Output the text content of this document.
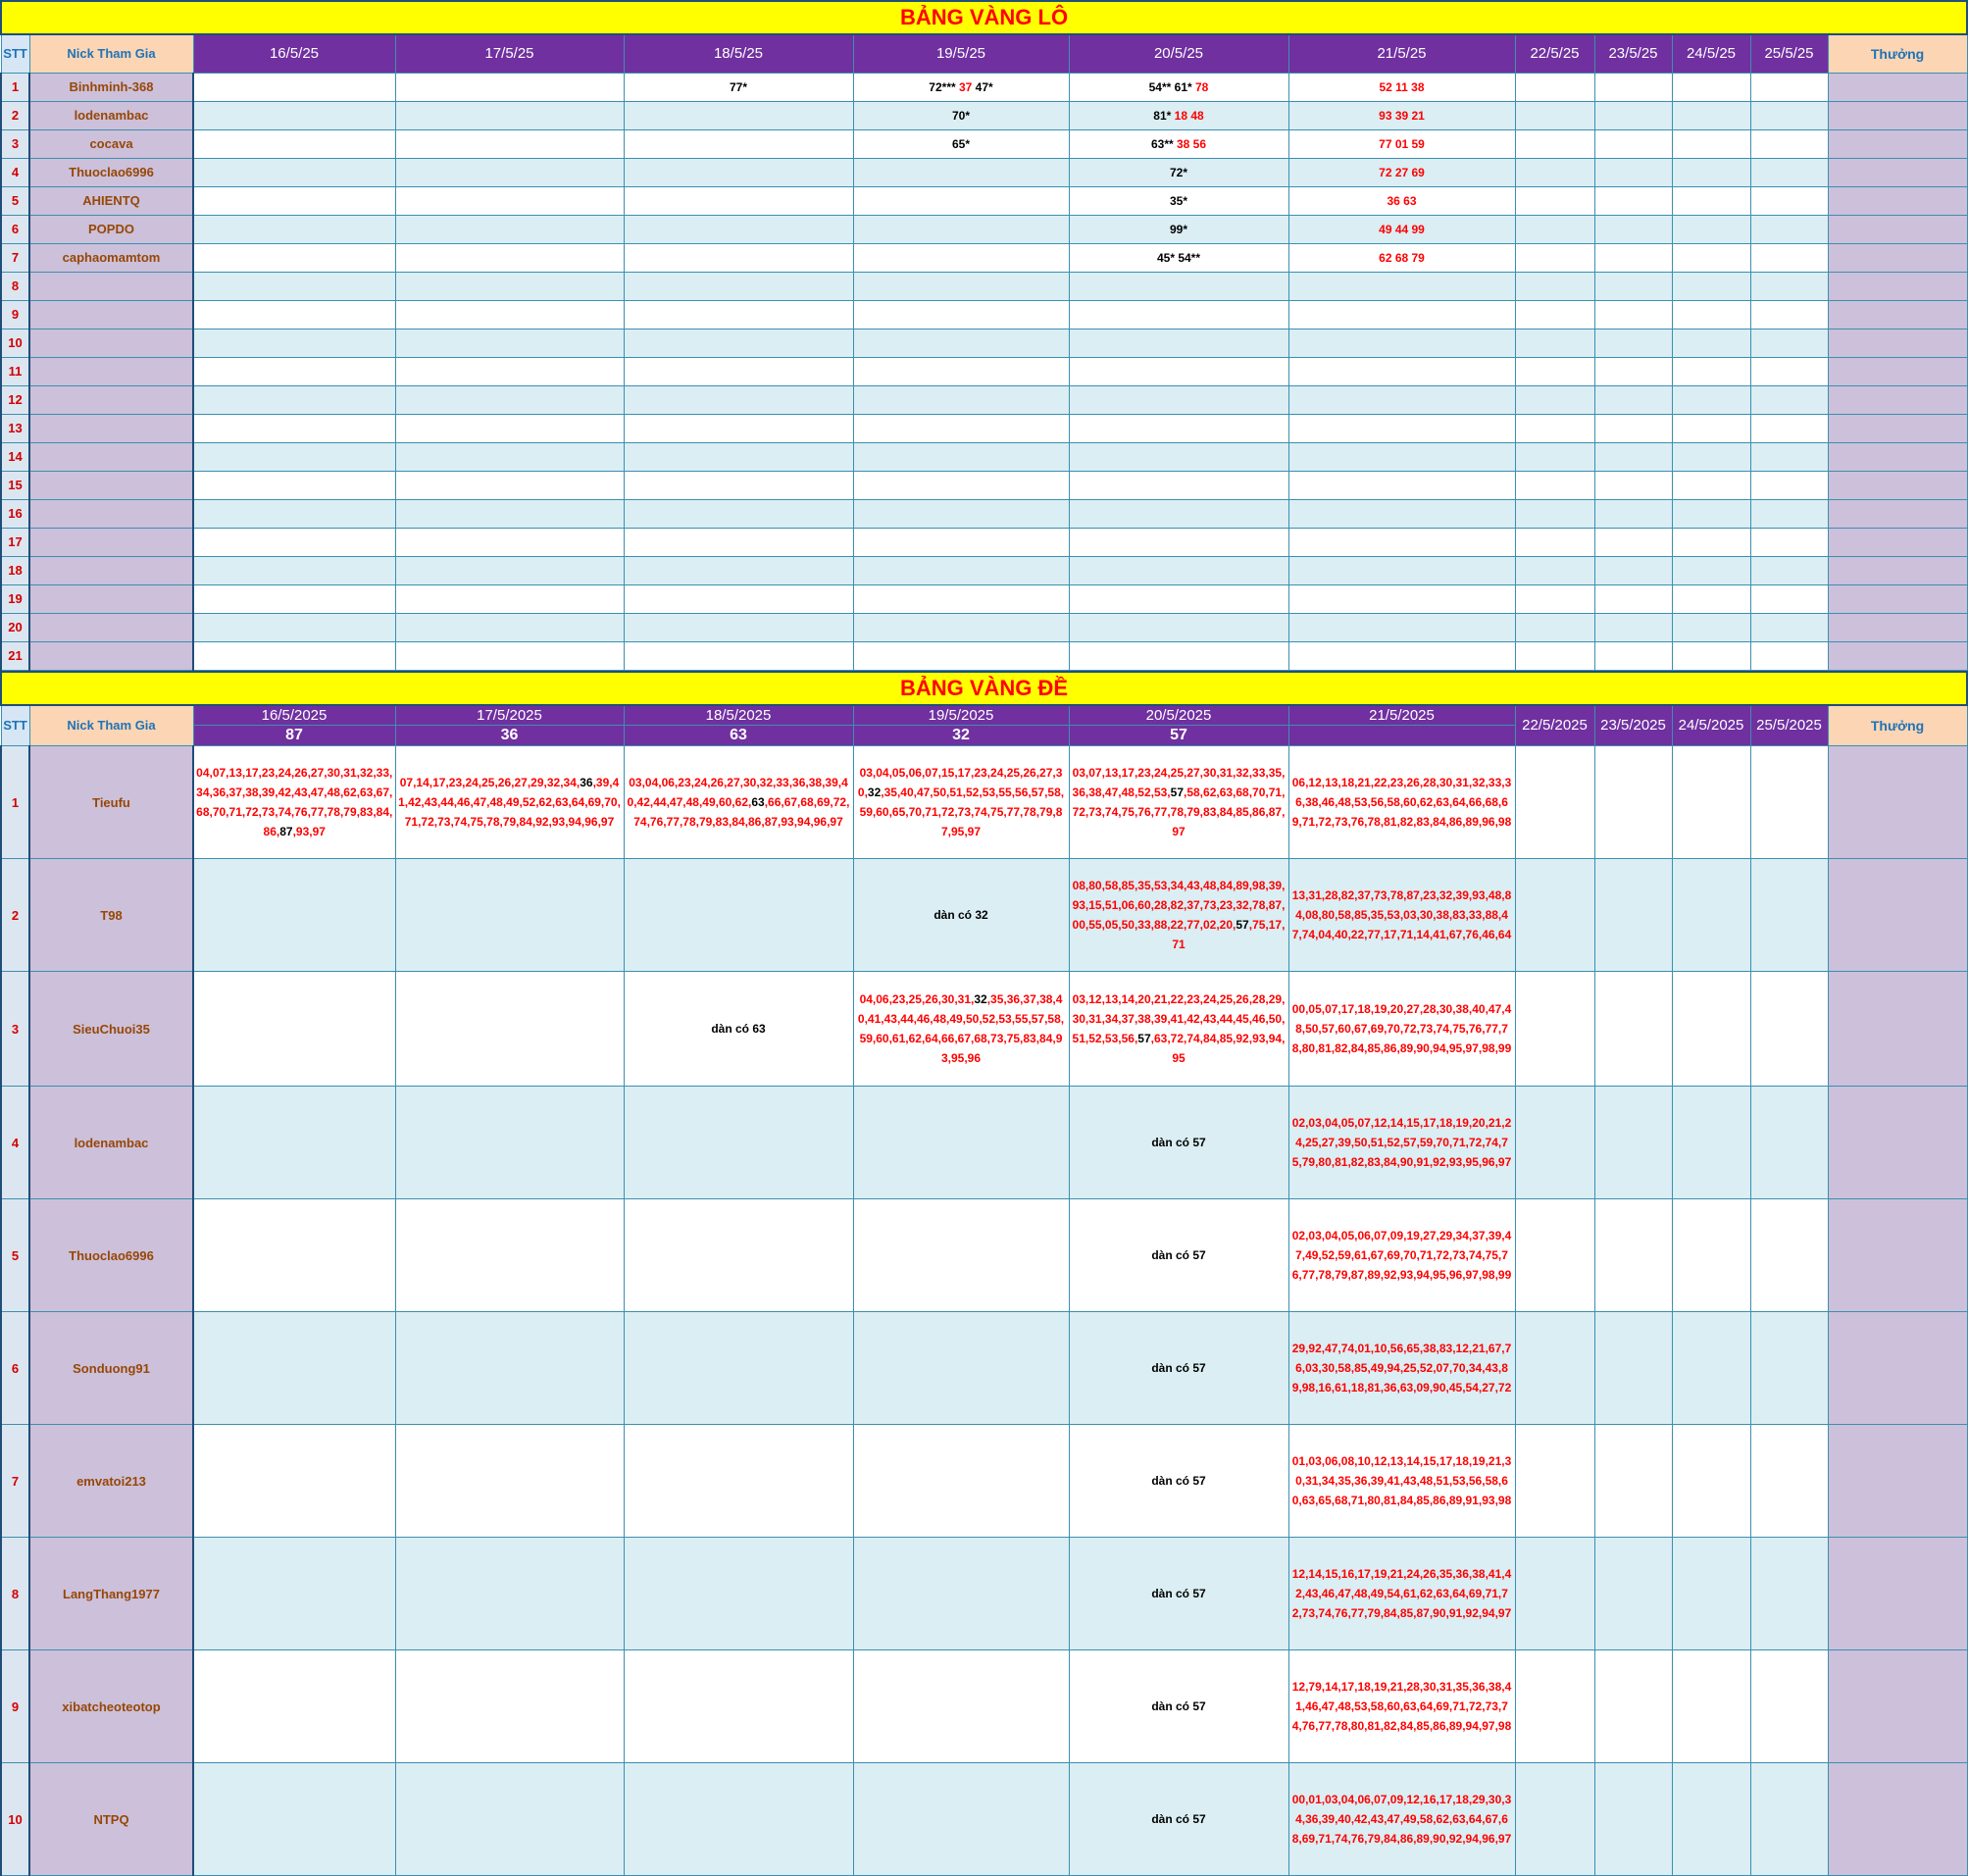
BẢNG VÀNG LÔ												
STT	Nick Tham Gia	16/5/25	17/5/25	18/5/25	19/5/25	20/5/25	21/5/25	22/5/25	23/5/25	24/5/25	25/5/25	Thưởng
1	Binhminh-368			77*	72*** 37 47*	54** 61* 78	52 11 38					
2	lodenambac				70*	81* 18 48	93 39 21					
3	cocava				65*	63** 38 56	77 01 59					
4	Thuoclao6996					72*	72 27 69					
5	AHIENTQ					35*	36 63					
6	POPDO					99*	49 44 99					
7	caphaomamtom					45* 54**	62 68 79					
8												
9												
10												
11												
12												
13												
14												
15												
16												
17												
18												
19												
20												
21												
BẢNG VÀNG ĐỀ												
STT	Nick Tham Gia	16/5/2025	17/5/2025	18/5/2025	19/5/2025	20/5/2025	21/5/2025	22/5/2025	23/5/2025	24/5/2025	25/5/2025	Thưởng
		87	36	63	32	57						
1	Tieufu	04,07,13,17,23,24,26,27,30,31,32,33,34,36,37,38,39,42,43,47,48,62,63,67,68,70,71,72,73,74,76,77,78,79,83,84,86,87,93,97	07,14,17,23,24,25,26,27,29,32,34,36,39,41,42,43,44,46,47,48,49,52,62,63,64,69,70,71,72,73,74,75,78,79,84,92,93,94,96,97	03,04,06,23,24,26,27,30,32,33,36,38,39,40,42,44,47,48,49,60,62,63,66,67,68,69,72,74,76,77,78,79,83,84,86,87,93,94,96,97	03,04,05,06,07,15,17,23,24,25,26,27,30,32,35,40,47,50,51,52,53,55,56,57,58,59,60,65,70,71,72,73,74,75,77,78,79,87,95,97	03,07,13,17,23,24,25,27,30,31,32,33,35,36,38,47,48,52,53,57,58,62,63,68,70,71,72,73,74,75,76,77,78,79,83,84,85,86,87,97	06,12,13,18,21,22,23,26,28,30,31,32,33,36,38,46,48,53,56,58,60,62,63,64,66,68,69,71,72,73,76,78,81,82,83,84,86,89,96,98					
2	T98				dàn có 32	08,80,58,85,35,53,34,43,48,84,89,98,39,93,15,51,06,60,28,82,37,73,23,32,78,87,00,55,05,50,33,88,22,77,02,20,57,75,17,71	13,31,28,82,37,73,78,87,23,32,39,93,48,84,08,80,58,85,35,53,03,30,38,83,33,88,47,74,04,40,22,77,17,71,14,41,67,76,46,64					
3	SieuChuoi35			dàn có 63	04,06,23,25,26,30,31,32,35,36,37,38,40,41,43,44,46,48,49,50,52,53,55,57,58,59,60,61,62,64,66,67,68,73,75,83,84,93,95,96	03,12,13,14,20,21,22,23,24,25,26,28,29,30,31,34,37,38,39,41,42,43,44,45,46,50,51,52,53,56,57,63,72,74,84,85,92,93,94,95	00,05,07,17,18,19,20,27,28,30,38,40,47,48,50,57,60,67,69,70,72,73,74,75,76,77,78,80,81,82,84,85,86,89,90,94,95,97,98,99					
4	lodenambac					dàn có 57	02,03,04,05,07,12,14,15,17,18,19,20,21,24,25,27,39,50,51,52,57,59,70,71,72,74,75,79,80,81,82,83,84,90,91,92,93,95,96,97					
5	Thuoclao6996					dàn có 57	02,03,04,05,06,07,09,19,27,29,34,37,39,47,49,52,59,61,67,69,70,71,72,73,74,75,76,77,78,79,87,89,92,93,94,95,96,97,98,99					
6	Sonduong91					dàn có 57	29,92,47,74,01,10,56,65,38,83,12,21,67,76,03,30,58,85,49,94,25,52,07,70,34,43,89,98,16,61,18,81,36,63,09,90,45,54,27,72					
7	emvatoi213					dàn có 57	01,03,06,08,10,12,13,14,15,17,18,19,21,30,31,34,35,36,39,41,43,48,51,53,56,58,60,63,65,68,71,80,81,84,85,86,89,91,93,98					
8	LangThang1977					dàn có 57	12,14,15,16,17,19,21,24,26,35,36,38,41,42,43,46,47,48,49,54,61,62,63,64,69,71,72,73,74,76,77,79,84,85,87,90,91,92,94,97					
9	xibatcheoteotop					dàn có 57	12,79,14,17,18,19,21,28,30,31,35,36,38,41,46,47,48,53,58,60,63,64,69,71,72,73,74,76,77,78,80,81,82,84,85,86,89,94,97,98					
10	NTPQ					dàn có 57	00,01,03,04,06,07,09,12,16,17,18,29,30,34,36,39,40,42,43,47,49,58,62,63,64,67,68,69,71,74,76,79,84,86,89,90,92,94,96,97					
